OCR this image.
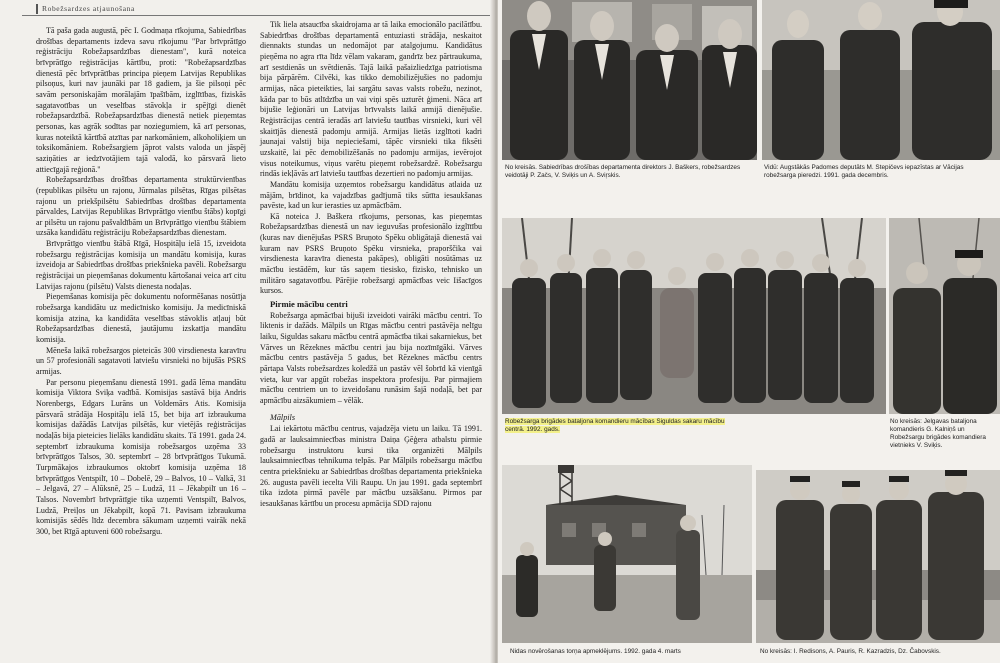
Robežsardzes atjaunošana

Tā paša gada augustā, pēc I. Godmaņa rīkojuma, Sabiedrības drošības departaments izdeva savu rīkojumu "Par brīvprātīgo reģistrāciju Robežapsardzības dienestam", kurā noteica brīvprātīgo reģistrācijas kārtību, proti: "Robežapsardzības dienestā pēc brīvprātības principa pieņem Latvijas Republikas pilsoņus, kuri nav jaunāki par 18 gadiem, ja šie pilsoņi pēc savām personiskajām morālajām īpašībām, izglītības, fiziskās sagatavotības un veselības stāvokļa ir spējīgi dienēt robežapsardzībā. Robežapsardzības dienestā netiek pieņemtas personas, kas agrāk sodītas par noziegumiem, kā arī personas, kuras noteiktā kārtībā atzītas par narkomāniem, alkoholiķiem un toksikomāniem. Robežsargiem jāprot valsts valoda un jāspēj saziņāties ar iedzīvotājiem tajā valodā, ko pārsvarā lieto attiecīgajā reģionā."

Robežapsardzības drošības departamenta struktūrvienības (republikas pilsētu un rajonu, Jūrmalas pilsētas, Rīgas pilsētas rajonu un priekšpilsētu Sabiedrības drošības departamenta pārvaldes, Latvijas Republikas Brīvprātīgo vienību štābs) kopīgi ar pilsētu un rajonu pašvaldībām un Brīvprātīgo vienību štābiem uzsāka kandidātu reģistrāciju Robežapsardzības dienestam.

Brīvprātīgo vienību štābā Rīgā, Hospitāļu ielā 15, izveidota robežsargu reģistrācijas komisija un mandātu komisija, kuras izveidoja ar Sabiedrības drošības priekšnieka pavēli. Robežsargu reģistrācijai un pieņemšanas dokumentu kārtošanai veica arī citu Latvijas rajonu (pilsētu) Valsts dienesta nodaļas.

Pieņemšanas komisija pēc dokumentu noformēšanas nosūtīja robežsarga kandidātu uz medicīnisko komisiju. Ja medicīniskā komisija atzina, ka kandidāta veselības stāvoklis atļauj būt Robežapsardzības dienestā, jautājumu izskatīja mandātu komisija.

Mēneša laikā robežsargos pieteicās 300 virsdienesta karavīru un 57 profesionāli sagatavoti latviešu virsnieki no bijušās PSRS armijas.

Par personu pieņemšanu dienestā 1991. gadā lēma mandātu komisija Viktora Sviķa vadībā. Komisijas sastāvā bija Andris Norenbergs, Edgars Lurāns un Voldemārs Atis. Komisija pārsvarā strādāja Hospitāļu ielā 15, bet bija arī izbraukuma komisijas dažādās Latvijas pilsētās, kur vietējās reģistrācijas nodaļās bija pieteicies lielāks kandidātu skaits. Tā 1991. gada 24. septembrī izbraukuma komisija robežsargos uzņēma 33 brīvprātīgos Talsos, 30. septembrī – 28 brīvprātīgos Tukumā. Turpmākajos izbraukumos oktobrī komisija uzņēma 18 brīvprātīgos Ventspilī, 10 – Dobelē, 29 – Balvos, 10 – Valkā, 31 – Jelgavā, 27 – Alūksnē, 25 – Ludzā, 11 – Jēkabpilī un 16 – Talsos. Novembrī brīvprātīgie tika uzņemti Ventspilī, Balvos, Ludzā, Preiļos un Jēkabpilī, kopā 71. Pavisam izbraukuma komisijās sēdēs līdz decembra sākumam uzņemti vairāk nekā 300, bet Rīgā aptuveni 600 robežsargu.

Tik liela atsaucība skaidrojama ar tā laika emocionālo pacilātību. Sabiedrības drošības departamentā entuziasti strādāja, neskaitot diennakts stundas un nedomājot par atalgojumu. Kandidātus pieņēma no agra rīta līdz vēlam vakaram, gandrīz bez pārtraukuma, arī sestdienās un svētdienās. Tajā laikā pašaizliedzīga patriotisma bija pārpārēm. Cilvēki, kas tikko demobilizējušies no padomju armijas, nāca pieteikties, lai sargātu savas valsts robežu, nezinot, kāda par to būs atlīdzība un vai viņi spēs uzturēt ģimeni. Nāca arī bijušie leģionāri un Latvijas brīvvalsts laikā armijā dienējušie. Reģistrācijas centrā ieradās arī latviešu tautības virsnieki, kuri vēl skaitījās dienestā padomju armijā. Armijas lietās izglītoti kadri jaunajai valstij bija nepieciešami, tāpēc virsnieki tika fiksēti uzskaitē, lai pēc demobilizēšanās no padomju armijas, ievērojot visus noteikumus, viņus varētu pieņemt robežsardzē. Robežsargu rindās iekļāvās arī latviešu tautības dezertieri no padomju armijas.

Mandātu komisija uzņemtos robežsargu kandidātus atlaida uz mājām, brīdinot, ka vajadzības gadījumā tiks sūtīta iesaukšanas pavēste, kad un kur ierasties uz apmācībām.

Kā noteica J. Baškera rīkojums, personas, kas pieņemtas Robežapsardzības dienestā un nav ieguvušas profesionālo izglītību (kuras nav dienējušas PSRS Bruņoto Spēku obligātajā dienestā vai kuram nav PSRS Bruņoto Spēku virsnieka, praporščika vai virsdienesta karavīra dienesta pakāpes), obligāti nosūtāmas uz mācību iestādēm, kur tās saņem tiesisko, fizisko, tehnisko un militāro sagatavotību. Pārējie robežsargi apmācības veic Iišacīgos kursos.

Pirmie mācību centri

Robežsarga apmācībai bijuši izveidoti vairāki mācību centri. To liktenis ir dažāds. Mālpils un Rīgas mācību centri pastāvēja nelīgu laiku, Siguldas sakaru mācību centrā apmācība tikai sakarniekus, bet Vārves un Rēzeknes mācību centri jau bija nozīmīgāki. Vārves mācību centrs pastāvēja 5 gadus, bet Rēzeknes mācību centrs pārtapa Valsts robežsardzes koledžā un pastāv vēl šobrīd kā vienīgā vieta, kur var apgūt robežas inspektora profesiju. Par pirmajiem mācību centriem un to izveidošanu runāsim šajā nodaļā, bet par apmācību aizsākumiem – vēlāk.

Mālpils

Lai iekārtotu mācību centrus, vajadzēja vietu un laiku. Tā 1991. gadā ar lauksaimniecības ministra Daiņa Ģēģera atbalstu pirmie robežsargu instruktoru kursi tika organizēti Mālpils lauksaimniecības tehnikuma telpās. Par Mālpils robežsargu mācību centra priekšnieku ar Sabiedrības drošības departamenta priekšnieka 26. augusta pavēli iecelta Vili Raupu. Un jau 1991. gada septembrī tika izdota pirmā pavēle par mācību uzsākšanu. Pirmos par iesaukšanas kārtību un procesu apmācija SDD rajonu

No kreisās. Sabiedrības drošības departamenta direktors J. Baškers, robežsardzes veidotāji P. Začs, V. Sviķis un A. Sviŗskis.
Vidū: Augstākās Padomes deputāts M. Stepičevs iepazīstas ar Vācijas robežsarga pieredzi. 1991. gada decembris.
Robežsarga brigādes bataljona komandieru mācības Siguldas sakaru mācību centrā. 1992. gads.
No kreisās: Jelgavas bataljona komandieris G. Kalniņš un Robežsargu brigādes komandiera vietnieks V. Sviķis.
Nidas novērošanas torņa apmeklējums. 1992. gada 4. marts	No kreisās: I. Redisons, A. Pauris, R. Kazradzis, Dz. Čabovskis.
